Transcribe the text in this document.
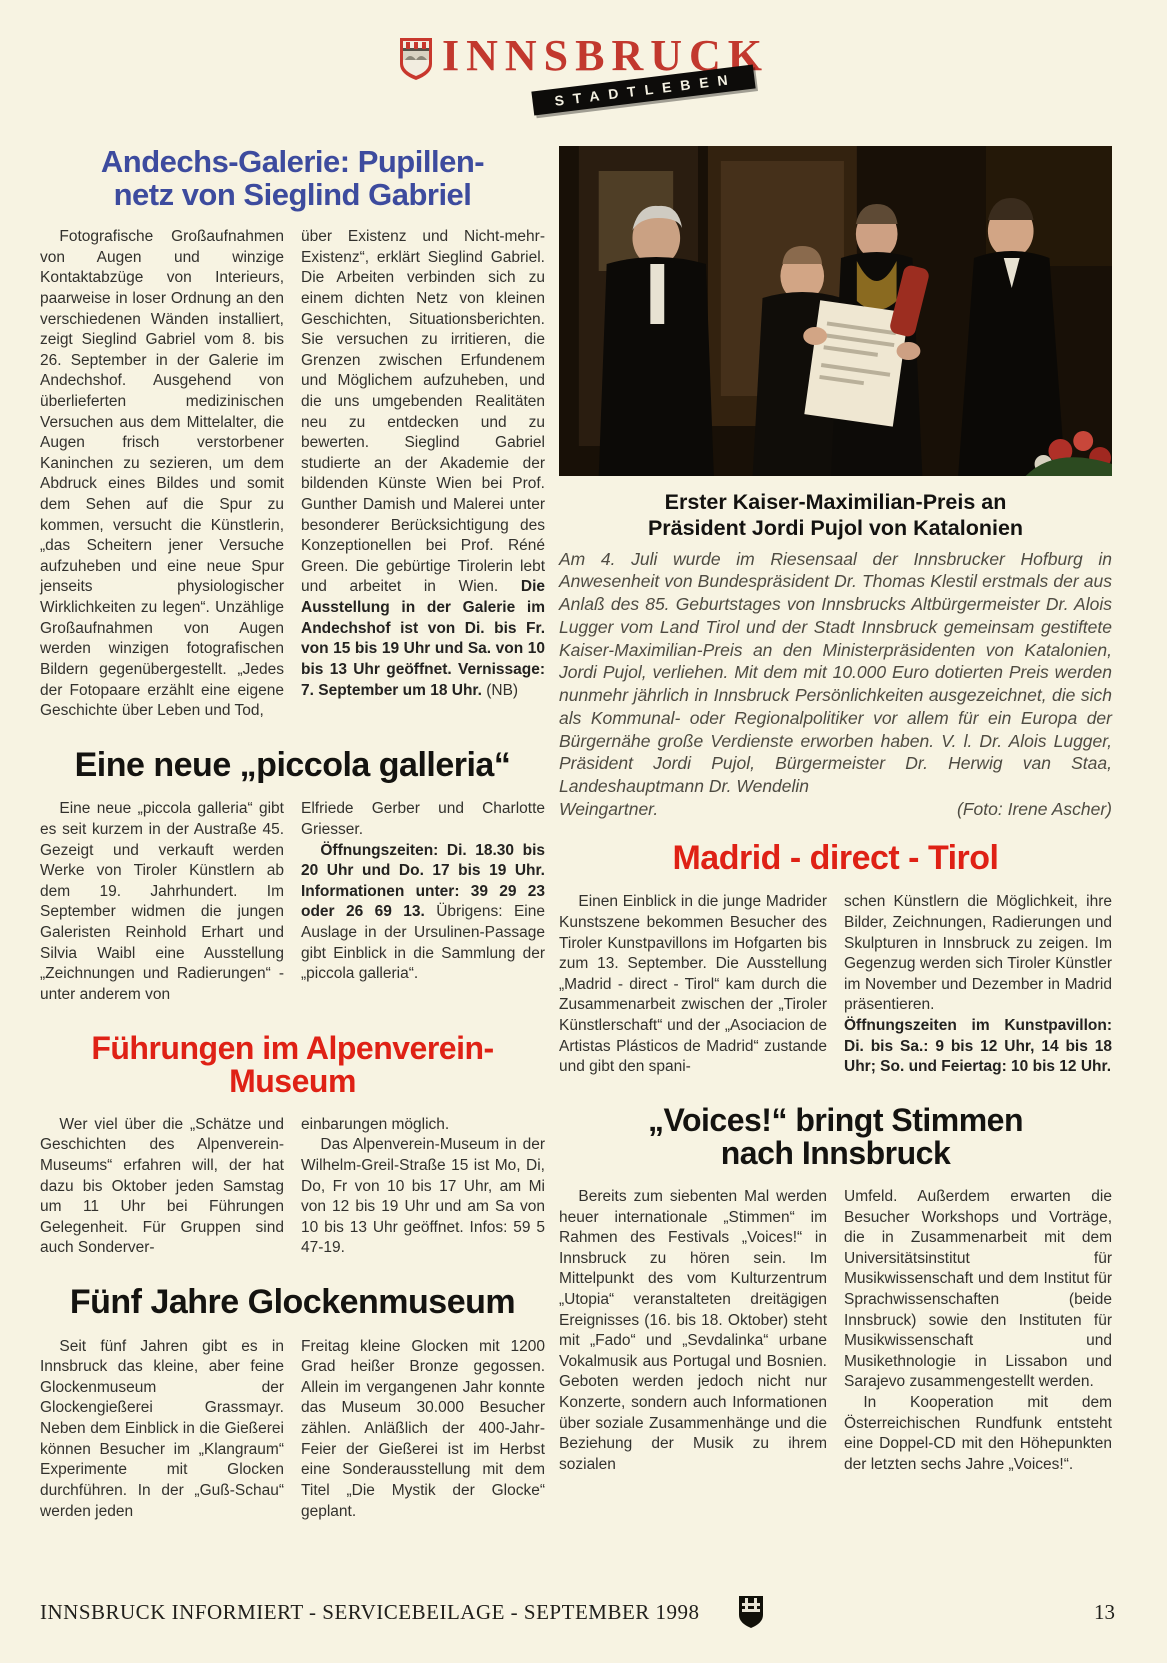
INNSBRUCK
STADTLEBEN
Andechs-Galerie: Pupillen-
netz von Sieglind Gabriel

Fotografische Großaufnahmen von Augen und winzige Kontaktabzüge von Interieurs, paarweise in loser Ordnung an den verschiedenen Wänden installiert, zeigt Sieglind Gabriel vom 8. bis 26. September in der Galerie im Andechshof. Ausgehend von überlieferten medizinischen Versuchen aus dem Mittelalter, die Augen frisch verstorbener Kaninchen zu sezieren, um dem Abdruck eines Bildes und somit dem Sehen auf die Spur zu kommen, versucht die Künstlerin, „das Scheitern jener Versuche aufzuheben und eine neue Spur jenseits physiologischer Wirklichkeiten zu legen“. Unzählige Großaufnahmen von Augen werden winzigen fotografischen Bildern gegenübergestellt. „Jedes der Fotopaare erzählt eine eigene Geschichte über Leben und Tod,

über Existenz und Nicht-mehr-Existenz“, erklärt Sieglind Gabriel. Die Arbeiten verbinden sich zu einem dichten Netz von kleinen Geschichten, Situationsberichten. Sie versuchen zu irritieren, die Grenzen zwischen Erfundenem und Möglichem aufzuheben, und die uns umgebenden Realitäten neu zu entdecken und zu bewerten. Sieglind Gabriel studierte an der Akademie der bildenden Künste Wien bei Prof. Gunther Damish und Malerei unter besonderer Berücksichtigung des Konzeptionellen bei Prof. Réné Green. Die gebürtige Tirolerin lebt und arbeitet in Wien. Die Ausstellung in der Galerie im Andechshof ist von Di. bis Fr. von 15 bis 19 Uhr und Sa. von 10 bis 13 Uhr geöffnet. Vernissage: 7. September um 18 Uhr. (NB)

Eine neue „piccola galleria“

Eine neue „piccola galleria“ gibt es seit kurzem in der Austraße 45. Gezeigt und verkauft werden Werke von Tiroler Künstlern ab dem 19. Jahrhundert. Im September widmen die jungen Galeristen Reinhold Erhart und Silvia Waibl eine Ausstellung „Zeichnungen und Radierungen“ - unter anderem von

Elfriede Gerber und Charlotte Griesser.

Öffnungszeiten: Di. 18.30 bis 20 Uhr und Do. 17 bis 19 Uhr. Informationen unter: 39 29 23 oder 26 69 13. Übrigens: Eine Auslage in der Ursulinen-Passage gibt Einblick in die Sammlung der „piccola galleria“.

Führungen im Alpenverein-
Museum

Wer viel über die „Schätze und Geschichten des Alpenverein-Museums“ erfahren will, der hat dazu bis Oktober jeden Samstag um 11 Uhr bei Führungen Gelegenheit. Für Gruppen sind auch Sonderver-

einbarungen möglich.

Das Alpenverein-Museum in der Wilhelm-Greil-Straße 15 ist Mo, Di, Do, Fr von 10 bis 17 Uhr, am Mi von 12 bis 19 Uhr und am Sa von 10 bis 13 Uhr geöffnet. Infos: 59 5 47-19.

Fünf Jahre Glockenmuseum

Seit fünf Jahren gibt es in Innsbruck das kleine, aber feine Glockenmuseum der Glockengießerei Grassmayr. Neben dem Einblick in die Gießerei können Besucher im „Klangraum“ Experimente mit Glocken durchführen. In der „Guß-Schau“ werden jeden

Freitag kleine Glocken mit 1200 Grad heißer Bronze gegossen. Allein im vergangenen Jahr konnte das Museum 30.000 Besucher zählen. Anläßlich der 400-Jahr-Feier der Gießerei ist im Herbst eine Sonderausstellung mit dem Titel „Die Mystik der Glocke“ geplant.

Erster Kaiser-Maximilian-Preis an
Präsident Jordi Pujol von Katalonien
Am 4. Juli wurde im Riesensaal der Innsbrucker Hofburg in Anwesenheit von Bundespräsident Dr. Thomas Klestil erstmals der aus Anlaß des 85. Geburtstages von Innsbrucks Altbürgermeister Dr. Alois Lugger vom Land Tirol und der Stadt Innsbruck gemeinsam gestiftete Kaiser-Maximilian-Preis an den Ministerpräsidenten von Katalonien, Jordi Pujol, verliehen. Mit dem mit 10.000 Euro dotierten Preis werden nunmehr jährlich in Innsbruck Persönlichkeiten ausgezeichnet, die sich als Kommunal- oder Regionalpolitiker vor allem für ein Europa der Bürgernähe große Verdienste erworben haben. V. l. Dr. Alois Lugger, Präsident Jordi Pujol, Bürgermeister Dr. Herwig van Staa, Landeshauptmann Dr. Wendelin
Weingartner.	(Foto: Irene Ascher)
Madrid - direct - Tirol

Einen Einblick in die junge Madrider Kunstszene bekommen Besucher des Tiroler Kunstpavillons im Hofgarten bis zum 13. September. Die Ausstellung „Madrid - direct - Tirol“ kam durch die Zusammenarbeit zwischen der „Tiroler Künstlerschaft“ und der „Asociacion de Artistas Plásticos de Madrid“ zustande und gibt den spani-

schen Künstlern die Möglichkeit, ihre Bilder, Zeichnungen, Radierungen und Skulpturen in Innsbruck zu zeigen. Im Gegenzug werden sich Tiroler Künstler im November und Dezember in Madrid präsentieren.

Öffnungszeiten im Kunstpavillon: Di. bis Sa.: 9 bis 12 Uhr, 14 bis 18 Uhr; So. und Feiertag: 10 bis 12 Uhr.

„Voices!“ bringt Stimmen
nach Innsbruck

Bereits zum siebenten Mal werden heuer internationale „Stimmen“ im Rahmen des Festivals „Voices!“ in Innsbruck zu hören sein. Im Mittelpunkt des vom Kulturzentrum „Utopia“ veranstalteten dreitägigen Ereignisses (16. bis 18. Oktober) steht mit „Fado“ und „Sevdalinka“ urbane Vokalmusik aus Portugal und Bosnien. Geboten werden jedoch nicht nur Konzerte, sondern auch Informationen über soziale Zusammenhänge und die Beziehung der Musik zu ihrem sozialen

Umfeld. Außerdem erwarten die Besucher Workshops und Vorträge, die in Zusammenarbeit mit dem Universitätsinstitut für Musikwissenschaft und dem Institut für Sprachwissenschaften (beide Innsbruck) sowie den Instituten für Musikwissenschaft und Musikethnologie in Lissabon und Sarajevo zusammengestellt werden.

In Kooperation mit dem Österreichischen Rundfunk entsteht eine Doppel-CD mit den Höhepunkten der letzten sechs Jahre „Voices!“.

INNSBRUCK INFORMIERT - SERVICEBEILAGE - SEPTEMBER 1998	13
